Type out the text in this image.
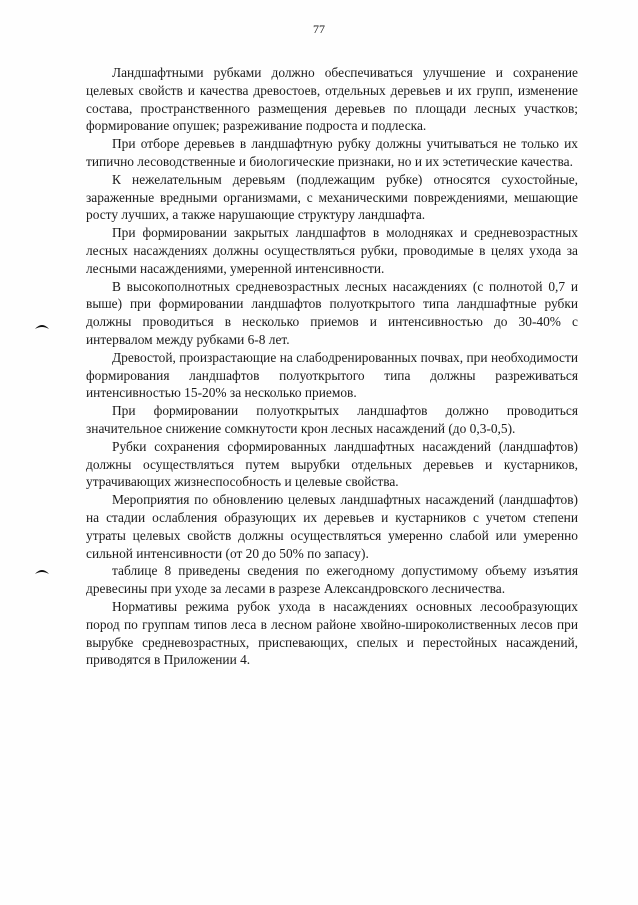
77

Ландшафтными рубками должно обеспечиваться улучшение и сохранение целевых свойств и качества древостоев, отдельных деревьев и их групп, изменение состава, пространственного размещения деревьев по площади лесных участков; формирование опушек; разреживание подроста и подлеска.

При отборе деревьев в ландшафтную рубку должны учитываться не только их типично лесоводственные и биологические признаки, но и их эстетические качества.

К нежелательным деревьям (подлежащим рубке) относятся сухостойные, зараженные вредными организмами, с механическими повреждениями, мешающие росту лучших, а также нарушающие структуру ландшафта.

При формировании закрытых ландшафтов в молодняках и средневозрастных лесных насаждениях должны осуществляться рубки, проводимые в целях ухода за лесными насаждениями, умеренной интенсивности.

В высокополнотных средневозрастных лесных насаждениях (с полнотой 0,7 и выше) при формировании ландшафтов полуоткрытого типа ландшафтные рубки должны проводиться в несколько приемов и интенсивностью до 30-40% с интервалом между рубками 6-8 лет.

Древостой, произрастающие на слабодренированных почвах, при необходимости формирования ландшафтов полуоткрытого типа должны разреживаться интенсивностью 15-20% за несколько приемов.

При формировании полуоткрытых ландшафтов должно проводиться значительное снижение сомкнутости крон лесных насаждений (до 0,3-0,5).

Рубки сохранения сформированных ландшафтных насаждений (ландшафтов) должны осуществляться путем вырубки отдельных деревьев и кустарников, утрачивающих жизнеспособность и целевые свойства.

Мероприятия по обновлению целевых ландшафтных насаждений (ландшафтов) на стадии ослабления образующих их деревьев и кустарников с учетом степени утраты целевых свойств должны осуществляться умеренно слабой или умеренно сильной интенсивности (от 20 до 50% по запасу).

таблице 8 приведены сведения по ежегодному допустимому объему изъятия древесины при уходе за лесами в разрезе Александровского лесничества.

Нормативы режима рубок ухода в насаждениях основных лесообразующих пород по группам типов леса в лесном районе хвойно-широколиственных лесов при вырубке средневозрастных, приспевающих, спелых и перестойных насаждений, приводятся в Приложении 4.
